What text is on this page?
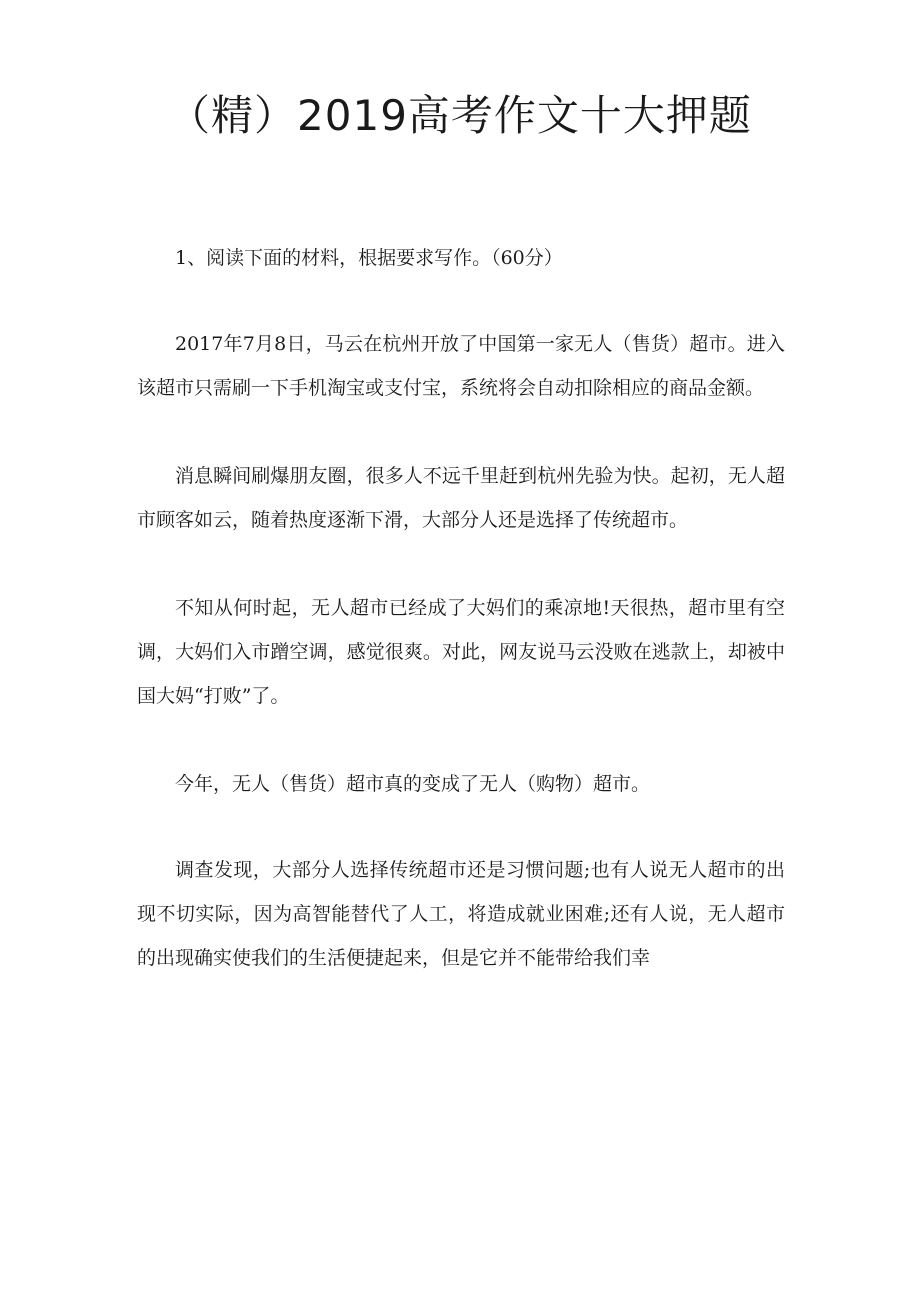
（精）2019高考作文十大押题

1、阅读下面的材料，根据要求写作。（60分）

2017年7月8日，马云在杭州开放了中国第一家无人（售货）超市。进入该超市只需刷一下手机淘宝或支付宝，系统将会自动扣除相应的商品金额。

消息瞬间刷爆朋友圈，很多人不远千里赶到杭州先验为快。起初，无人超市顾客如云，随着热度逐渐下滑，大部分人还是选择了传统超市。

不知从何时起，无人超市已经成了大妈们的乘凉地!天很热，超市里有空调，大妈们入市蹭空调，感觉很爽。对此，网友说马云没败在逃款上，却被中国大妈“打败”了。

今年，无人（售货）超市真的变成了无人（购物）超市。

调查发现，大部分人选择传统超市还是习惯问题;也有人说无人超市的出现不切实际，因为高智能替代了人工，将造成就业困难;还有人说，无人超市的出现确实使我们的生活便捷起来，但是它并不能带给我们幸
